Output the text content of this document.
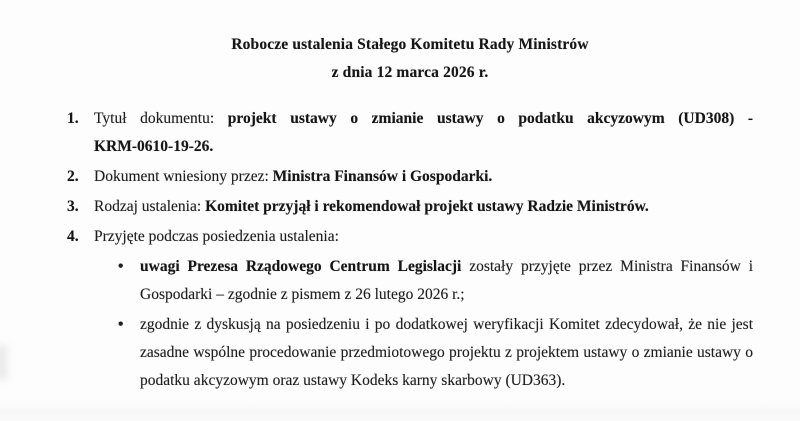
Robocze ustalenia Stałego Komitetu Rady Ministrów
z dnia 12 marca 2026 r.
1. Tytuł dokumentu: projekt ustawy o zmianie ustawy o podatku akcyzowym (UD308) - KRM-0610-19-26.

2. Dokument wniesiony przez: Ministra Finansów i Gospodarki.

3. Rodzaj ustalenia: Komitet przyjął i rekomendował projekt ustawy Radzie Ministrów.

4. Przyjęte podczas posiedzenia ustalenia:

• uwagi Prezesa Rządowego Centrum Legislacji zostały przyjęte przez Ministra Finansów i Gospodarki – zgodnie z pismem z 26 lutego 2026 r.;

• zgodnie z dyskusją na posiedzeniu i po dodatkowej weryfikacji Komitet zdecydował, że nie jest zasadne wspólne procedowanie przedmiotowego projektu z projektem ustawy o zmianie ustawy o podatku akcyzowym oraz ustawy Kodeks karny skarbowy (UD363).
